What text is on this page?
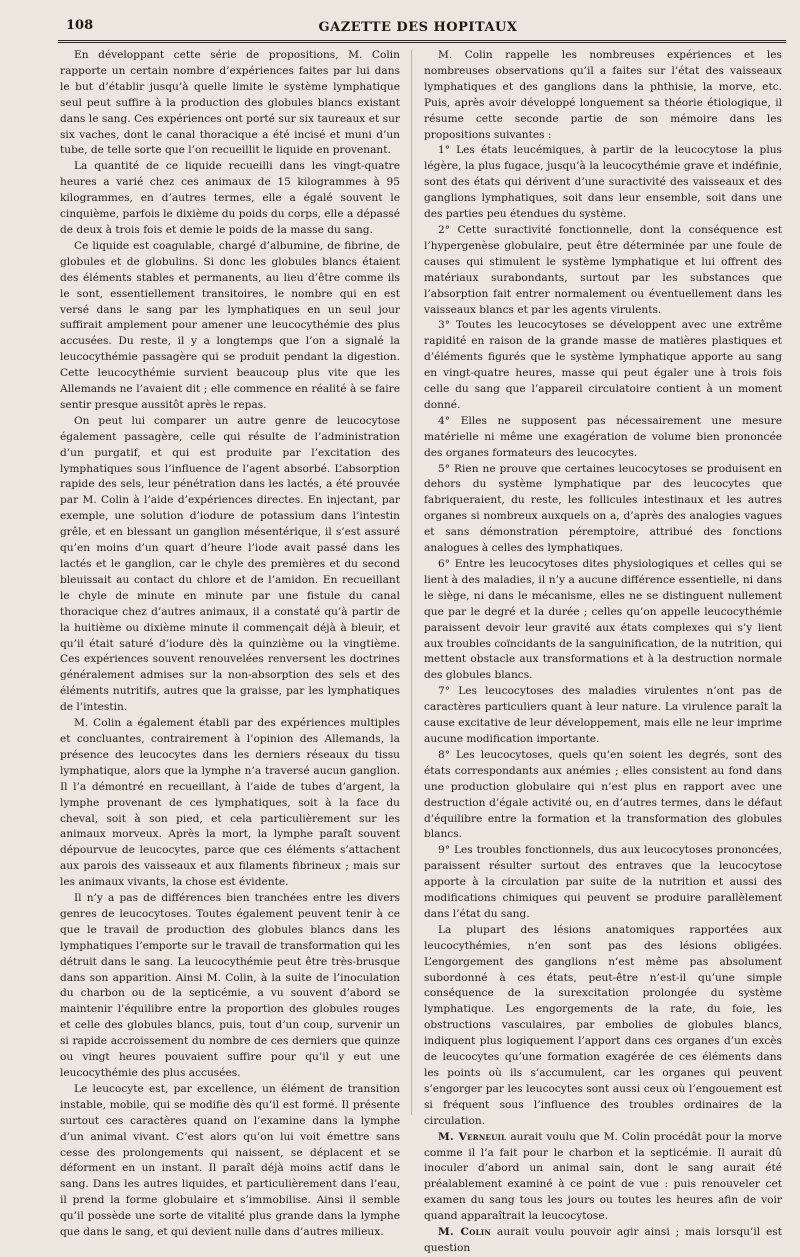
108	GAZETTE DES HOPITAUX

En développant cette série de propositions, M. Colin rapporte un certain nombre d’expériences faites par lui dans le but d’établir jusqu’à quelle limite le système lymphatique seul peut suffire à la production des globules blancs existant dans le sang. Ces expériences ont porté sur six taureaux et sur six vaches, dont le canal thoracique a été incisé et muni d’un tube, de telle sorte que l’on recueillit le liquide en provenant.

La quantité de ce liquide recueilli dans les vingt-quatre heures a varié chez ces animaux de 15 kilogrammes à 95 kilogrammes, en d’autres termes, elle a égalé souvent le cinquième, parfois le dixième du poids du corps, elle a dépassé de deux à trois fois et demie le poids de la masse du sang.

Ce liquide est coagulable, chargé d’albumine, de fibrine, de globules et de globulins. Si donc les globules blancs étaient des éléments stables et permanents, au lieu d’être comme ils le sont, essentiellement transitoires, le nombre qui en est versé dans le sang par les lymphatiques en un seul jour suffirait amplement pour amener une leucocythémie des plus accusées. Du reste, il y a longtemps que l’on a signalé la leucocythémie passagère qui se produit pendant la digestion. Cette leucocythémie survient beaucoup plus vite que les Allemands ne l’avaient dit ; elle commence en réalité à se faire sentir presque aussitôt après le repas.

On peut lui comparer un autre genre de leucocytose également passagère, celle qui résulte de l’administration d’un purgatif, et qui est produite par l’excitation des lymphatiques sous l’influence de l’agent absorbé. L’absorption rapide des sels, leur pénétration dans les lactés, a été prouvée par M. Colin à l’aide d’expériences directes. En injectant, par exemple, une solution d’iodure de potassium dans l’intestin grêle, et en blessant un ganglion mésentérique, il s’est assuré qu’en moins d’un quart d’heure l’iode avait passé dans les lactés et le ganglion, car le chyle des premières et du second bleuissait au contact du chlore et de l’amidon. En recueillant le chyle de minute en minute par une fistule du canal thoracique chez d’autres animaux, il a constaté qu’à partir de la huitième ou dixième minute il commençait déjà à bleuir, et qu’il était saturé d’iodure dès la quinzième ou la vingtième. Ces expériences souvent renouvelées renversent les doctrines généralement admises sur la non-absorption des sels et des éléments nutritifs, autres que la graisse, par les lymphatiques de l’intestin.

M. Colin a également établi par des expériences multiples et concluantes, contrairement à l’opinion des Allemands, la présence des leucocytes dans les derniers réseaux du tissu lymphatique, alors que la lymphe n’a traversé aucun ganglion. Il l’a démontré en recueillant, à l’aide de tubes d’argent, la lymphe provenant de ces lymphatiques, soit à la face du cheval, soit à son pied, et cela particulièrement sur les animaux morveux. Après la mort, la lymphe paraît souvent dépourvue de leucocytes, parce que ces éléments s’attachent aux parois des vaisseaux et aux filaments fibrineux ; mais sur les animaux vivants, la chose est évidente.

Il n’y a pas de différences bien tranchées entre les divers genres de leucocytoses. Toutes également peuvent tenir à ce que le travail de production des globules blancs dans les lymphatiques l’emporte sur le travail de transformation qui les détruit dans le sang. La leucocythémie peut être très-brusque dans son apparition. Ainsi M. Colin, à la suite de l’inoculation du charbon ou de la septicémie, a vu souvent d’abord se maintenir l’équilibre entre la proportion des globules rouges et celle des globules blancs, puis, tout d’un coup, survenir un si rapide accroissement du nombre de ces derniers que quinze ou vingt heures pouvaient suffire pour qu’il y eut une leucocythémie des plus accusées.

Le leucocyte est, par excellence, un élément de transition instable, mobile, qui se modifie dès qu’il est formé. Il présente surtout ces caractères quand on l’examine dans la lymphe d’un animal vivant. C’est alors qu’on lui voit émettre sans cesse des prolongements qui naissent, se déplacent et se déforment en un instant. Il paraît déjà moins actif dans le sang. Dans les autres liquides, et particulièrement dans l’eau, il prend la forme globulaire et s’immobilise. Ainsi il semble qu’il possède une sorte de vitalité plus grande dans la lymphe que dans le sang, et qui devient nulle dans d’autres milieux.

M. Colin rappelle les nombreuses expériences et les nombreuses observations qu’il a faites sur l’état des vaisseaux lymphatiques et des ganglions dans la phthisie, la morve, etc. Puis, après avoir développé longuement sa théorie étiologique, il résume cette seconde partie de son mémoire dans les propositions suivantes :

1° Les états leucémiques, à partir de la leucocytose la plus légère, la plus fugace, jusqu’à la leucocythémie grave et indéfinie, sont des états qui dérivent d’une suractivité des vaisseaux et des ganglions lymphatiques, soit dans leur ensemble, soit dans une des parties peu étendues du système.

2° Cette suractivité fonctionnelle, dont la conséquence est l’hypergenèse globulaire, peut être déterminée par une foule de causes qui stimulent le système lymphatique et lui offrent des matériaux surabondants, surtout par les substances que l’absorption fait entrer normalement ou éventuellement dans les vaisseaux blancs et par les agents virulents.

3° Toutes les leucocytoses se développent avec une extrême rapidité en raison de la grande masse de matières plastiques et d’éléments figurés que le système lymphatique apporte au sang en vingt-quatre heures, masse qui peut égaler une à trois fois celle du sang que l’appareil circulatoire contient à un moment donné.

4° Elles ne supposent pas nécessairement une mesure matérielle ni même une exagération de volume bien prononcée des organes formateurs des leucocytes.

5° Rien ne prouve que certaines leucocytoses se produisent en dehors du système lymphatique par des leucocytes que fabriqueraient, du reste, les follicules intestinaux et les autres organes si nombreux auxquels on a, d’après des analogies vagues et sans démonstration péremptoire, attribué des fonctions analogues à celles des lymphatiques.

6° Entre les leucocytoses dites physiologiques et celles qui se lient à des maladies, il n’y a aucune différence essentielle, ni dans le siège, ni dans le mécanisme, elles ne se distinguent nullement que par le degré et la durée ; celles qu’on appelle leucocythémie paraissent devoir leur gravité aux états complexes qui s’y lient aux troubles coïncidants de la sanguinification, de la nutrition, qui mettent obstacle aux transformations et à la destruction normale des globules blancs.

7° Les leucocytoses des maladies virulentes n’ont pas de caractères particuliers quant à leur nature. La virulence paraît la cause excitative de leur développement, mais elle ne leur imprime aucune modification importante.

8° Les leucocytoses, quels qu’en soient les degrés, sont des états correspondants aux anémies ; elles consistent au fond dans une production globulaire qui n’est plus en rapport avec une destruction d’égale activité ou, en d’autres termes, dans le défaut d’équilibre entre la formation et la transformation des globules blancs.

9° Les troubles fonctionnels, dus aux leucocytoses prononcées, paraissent résulter surtout des entraves que la leucocytose apporte à la circulation par suite de la nutrition et aussi des modifications chimiques qui peuvent se produire parallèlement dans l’état du sang.

La plupart des lésions anatomiques rapportées aux leucocythémies, n’en sont pas des lésions obligées. L’engorgement des ganglions n’est même pas absolument subordonné à ces états, peut-être n’est-il qu’une simple conséquence de la surexcitation prolongée du système lymphatique. Les engorgements de la rate, du foie, les obstructions vasculaires, par embolies de globules blancs, indiquent plus logiquement l’apport dans ces organes d’un excès de leucocytes qu’une formation exagérée de ces éléments dans les points où ils s’accumulent, car les organes qui peuvent s’engorger par les leucocytes sont aussi ceux où l’engouement est si fréquent sous l’influence des troubles ordinaires de la circulation.

M. Verneuil aurait voulu que M. Colin procédât pour la morve comme il l’a fait pour le charbon et la septicémie. Il aurait dû inoculer d’abord un animal sain, dont le sang aurait été préalablement examiné à ce point de vue : puis renouveler cet examen du sang tous les jours ou toutes les heures afin de voir quand apparaîtrait la leucocytose.

M. Colin aurait voulu pouvoir agir ainsi ; mais lorsqu’il est question
